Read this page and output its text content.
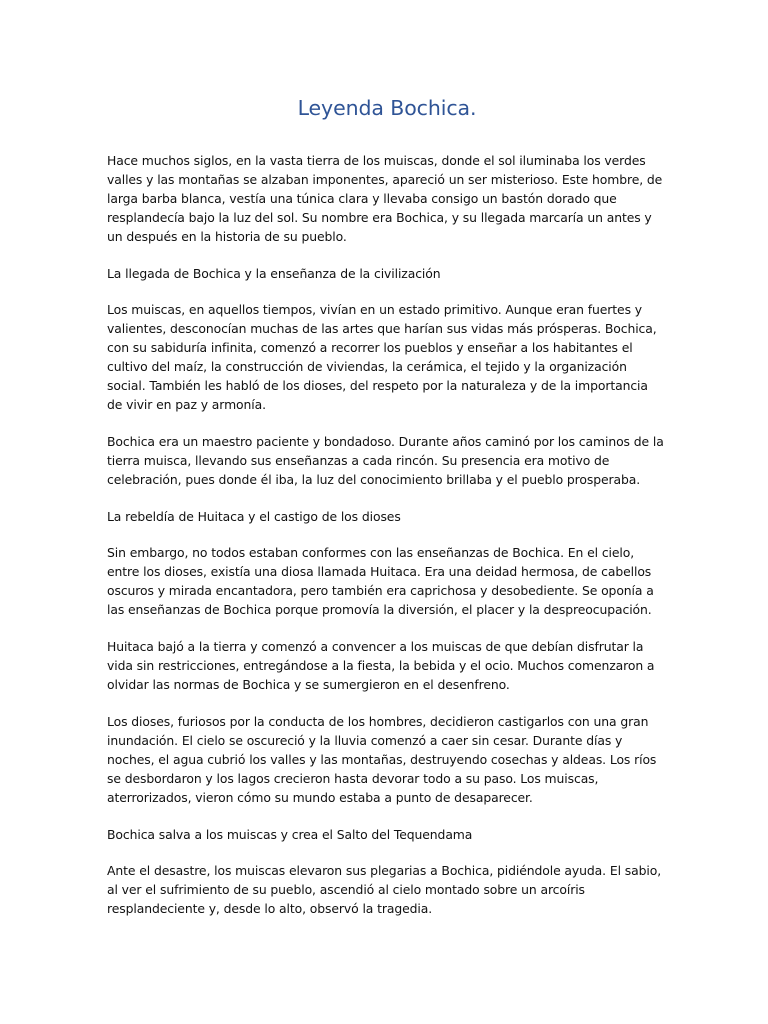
Leyenda Bochica.

Hace muchos siglos, en la vasta tierra de los muiscas, donde el sol iluminaba los verdes valles y las montañas se alzaban imponentes, apareció un ser misterioso. Este hombre, de larga barba blanca, vestía una túnica clara y llevaba consigo un bastón dorado que resplandecía bajo la luz del sol. Su nombre era Bochica, y su llegada marcaría un antes y un después en la historia de su pueblo.

La llegada de Bochica y la enseñanza de la civilización

Los muiscas, en aquellos tiempos, vivían en un estado primitivo. Aunque eran fuertes y valientes, desconocían muchas de las artes que harían sus vidas más prósperas. Bochica, con su sabiduría infinita, comenzó a recorrer los pueblos y enseñar a los habitantes el cultivo del maíz, la construcción de viviendas, la cerámica, el tejido y la organización social. También les habló de los dioses, del respeto por la naturaleza y de la importancia de vivir en paz y armonía.

Bochica era un maestro paciente y bondadoso. Durante años caminó por los caminos de la tierra muisca, llevando sus enseñanzas a cada rincón. Su presencia era motivo de celebración, pues donde él iba, la luz del conocimiento brillaba y el pueblo prosperaba.

La rebeldía de Huitaca y el castigo de los dioses

Sin embargo, no todos estaban conformes con las enseñanzas de Bochica. En el cielo, entre los dioses, existía una diosa llamada Huitaca. Era una deidad hermosa, de cabellos oscuros y mirada encantadora, pero también era caprichosa y desobediente. Se oponía a las enseñanzas de Bochica porque promovía la diversión, el placer y la despreocupación.

Huitaca bajó a la tierra y comenzó a convencer a los muiscas de que debían disfrutar la vida sin restricciones, entregándose a la fiesta, la bebida y el ocio. Muchos comenzaron a olvidar las normas de Bochica y se sumergieron en el desenfreno.

Los dioses, furiosos por la conducta de los hombres, decidieron castigarlos con una gran inundación. El cielo se oscureció y la lluvia comenzó a caer sin cesar. Durante días y noches, el agua cubrió los valles y las montañas, destruyendo cosechas y aldeas. Los ríos se desbordaron y los lagos crecieron hasta devorar todo a su paso. Los muiscas, aterrorizados, vieron cómo su mundo estaba a punto de desaparecer.

Bochica salva a los muiscas y crea el Salto del Tequendama

Ante el desastre, los muiscas elevaron sus plegarias a Bochica, pidiéndole ayuda. El sabio, al ver el sufrimiento de su pueblo, ascendió al cielo montado sobre un arcoíris resplandeciente y, desde lo alto, observó la tragedia.
